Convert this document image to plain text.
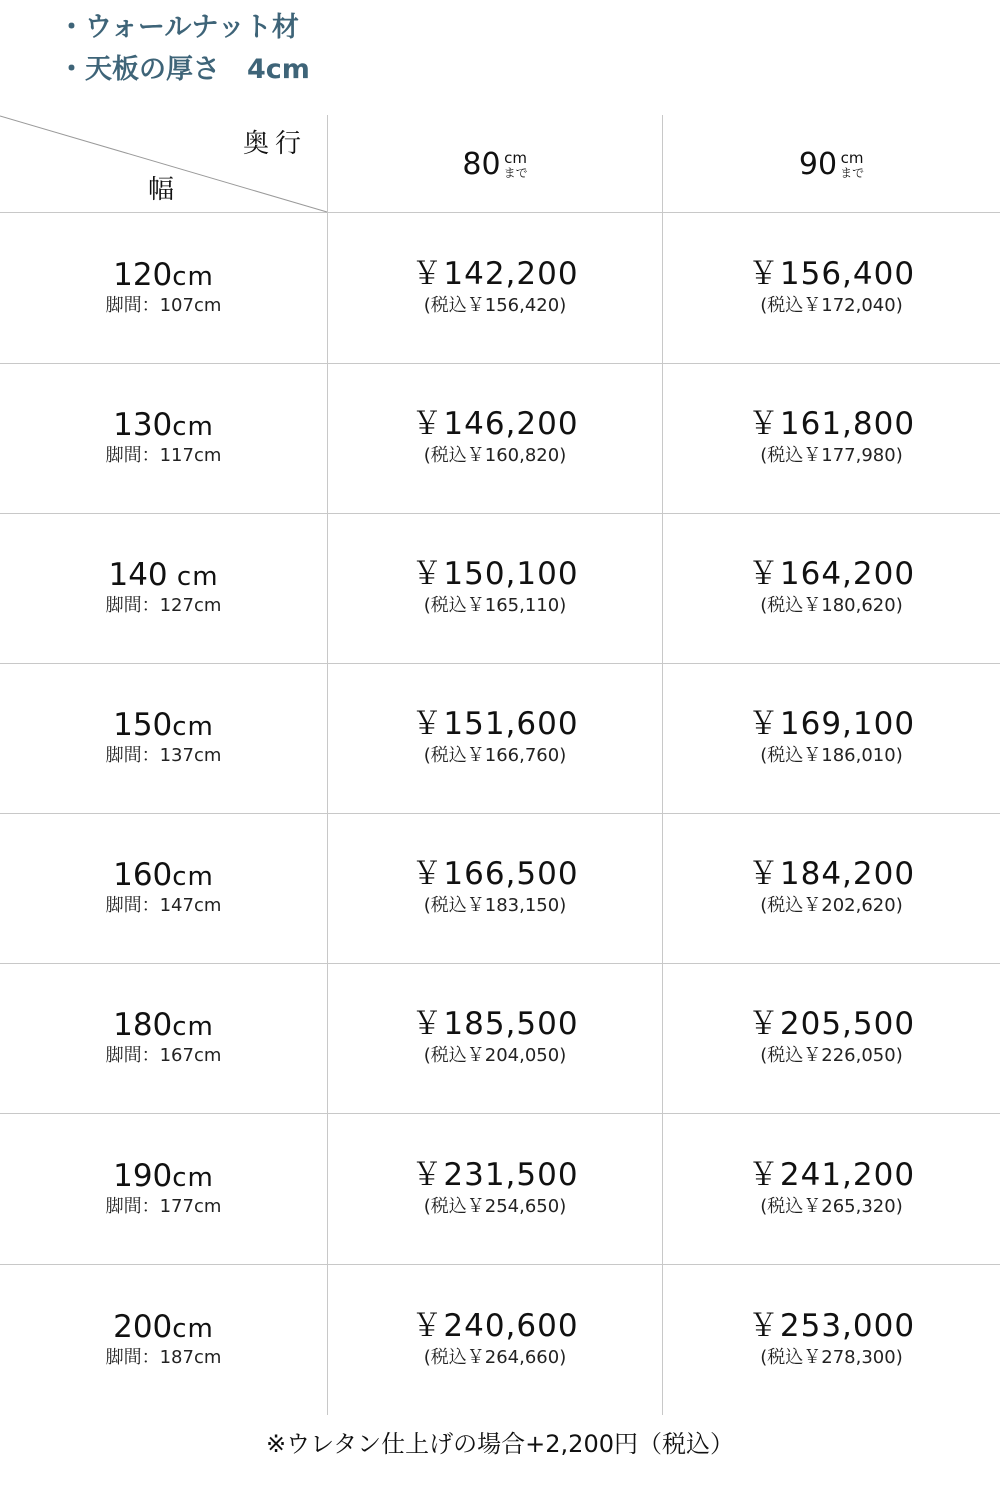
・ウォールナット材
・天板の厚さ　4cm
奥行
幅
80 cm
まで	90 cm
まで
120cm
脚間：107cm
￥142,200
(税込￥156,420)
￥156,400
(税込￥172,040)
130cm
脚間：117cm
￥146,200
(税込￥160,820)
￥161,800
(税込￥177,980)
140 cm
脚間：127cm
￥150,100
(税込￥165,110)
￥164,200
(税込￥180,620)
150cm
脚間：137cm
￥151,600
(税込￥166,760)
￥169,100
(税込￥186,010)
160cm
脚間：147cm
￥166,500
(税込￥183,150)
￥184,200
(税込￥202,620)
180cm
脚間：167cm
￥185,500
(税込￥204,050)
￥205,500
(税込￥226,050)
190cm
脚間：177cm
￥231,500
(税込￥254,650)
￥241,200
(税込￥265,320)
200cm
脚間：187cm
￥240,600
(税込￥264,660)
￥253,000
(税込￥278,300)
※ウレタン仕上げの場合+2,200円（税込）
